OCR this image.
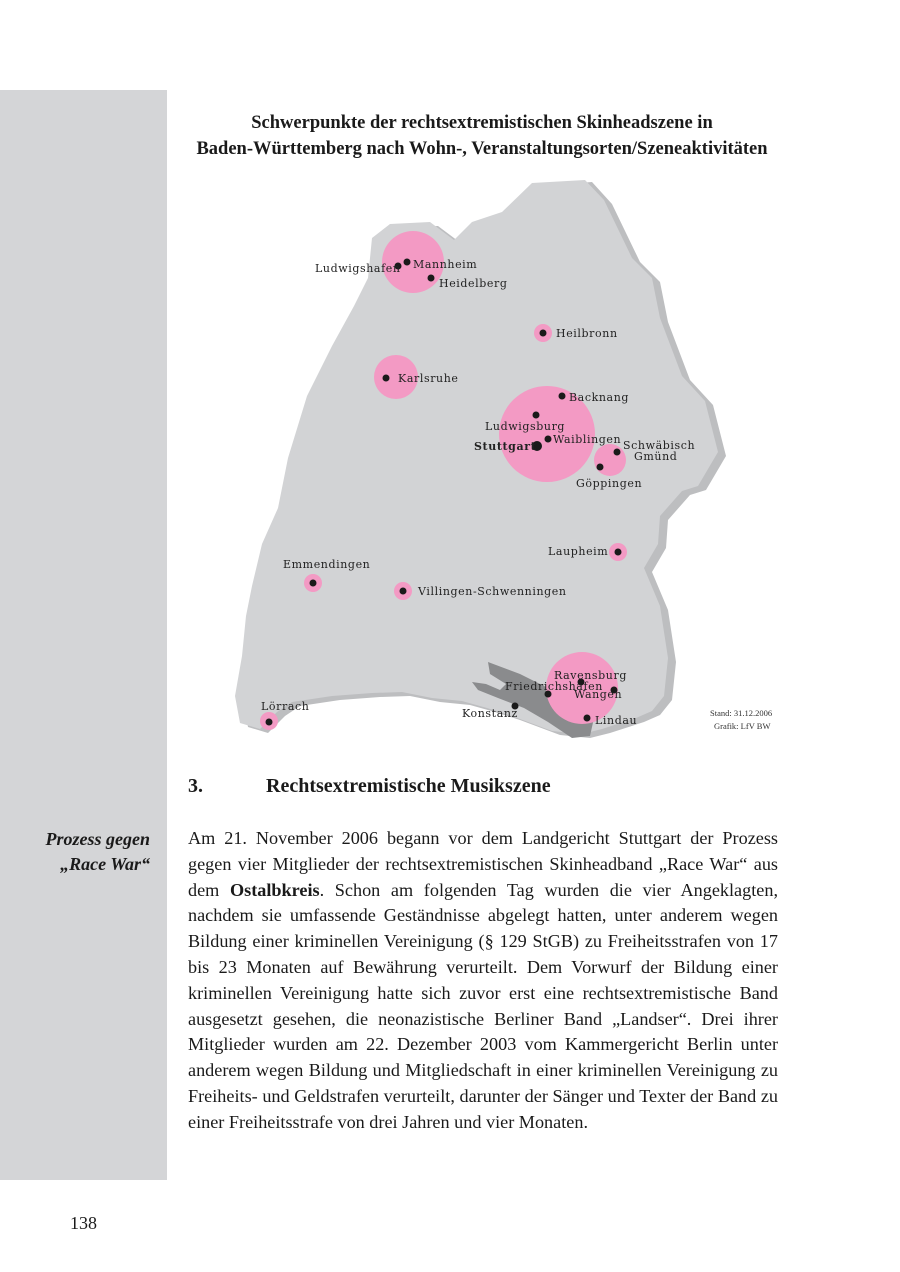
Schwerpunkte der rechtsextremistischen Skinheadszene in
Baden-Württemberg nach Wohn-, Veranstaltungsorten/Szeneaktivitäten
Ludwigshafen Mannheim
Heidelberg
Heilbronn
Karlsruhe
Backnang
Ludwigsburg
Stuttgart
Waiblingen Schwäbisch
Gmünd
Göppingen
Laupheim
Emmendingen
Villingen-Schwenningen
Ravensburg
Friedrichshafen
Wangen
Lörrach
Konstanz
Lindau
Stand: 31.12.2006
Grafik: LfV BW
3.	Rechtsextremistische Musikszene
Prozess gegen
„Race War“
Am 21. November 2006 begann vor dem Landgericht Stuttgart der Prozess gegen vier Mitglieder der rechtsextremistischen Skinheadband „Race War“ aus dem Ostalbkreis. Schon am folgenden Tag wurden die vier Angeklagten, nachdem sie umfassende Geständnisse abgelegt hatten, unter anderem wegen Bildung einer kriminellen Vereinigung (§ 129 StGB) zu Freiheitsstrafen von 17 bis 23 Monaten auf Bewährung verurteilt. Dem Vorwurf der Bildung einer kriminellen Vereinigung hatte sich zuvor erst eine rechtsextremistische Band ausgesetzt gesehen, die neonazistische Berliner Band „Landser“. Drei ihrer Mitglieder wurden am 22. Dezember 2003 vom Kammergericht Berlin unter anderem wegen Bildung und Mitgliedschaft in einer kriminellen Vereinigung zu Freiheits- und Geldstrafen verurteilt, darunter der Sänger und Texter der Band zu einer Freiheitsstrafe von drei Jahren und vier Monaten.
138
